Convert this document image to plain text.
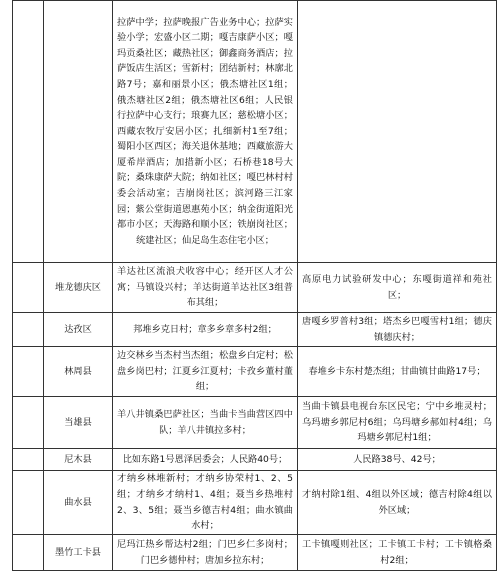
		拉萨中学；拉萨晚报广告业务中心；拉萨实验小学；宏盛小区二期；嘎吉康萨小区；嘎玛贡桑社区；藏热社区；御鑫商务酒店；拉萨饭店生活区；雪新村；团结新村；林廓北路7号；嘉和丽景小区；俄杰塘社区1组；俄杰塘社区2组；俄杰塘社区6组；人民银行拉萨中心支行；琅赛九区；慈松塘小区；西藏农牧厅安居小区；扎细新村1至7组；蜀阳小区西区；海关退休基地；西藏旅游大厦希岸酒店；加措新小区；石桥巷18号大院；桑珠康萨大院；纳如社区；嘎巴林村村委会活动室；吉崩岗社区；滨河路三江家园；紫公堂街道恩惠苑小区；纳金街道阳光都市小区；天海路和顺小区；铁崩岗社区；统建社区；仙足岛生态住宅小区；	

	堆龙德庆区	羊达社区流浪犬收容中心；经开区人才公寓；马镇设兴村；羊达街道羊达社区3组普布其组；	高原电力试验研发中心；东嘎街道祥和苑社区；

	达孜区	邦堆乡克日村；章多乡章多村2组；	唐嘎乡罗普村3组；塔杰乡巴嘎雪村1组；德庆镇德庆村；

	林周县	边交林乡当杰村当杰组；松盘乡白定村；松盘乡岗巴村；江夏乡江夏村；卡孜乡董村董组；	春堆乡卡东村楚杰组；甘曲镇甘曲路17号；

	当雄县	羊八井镇桑巴萨社区；当曲卡当曲营区四中队；羊八井镇拉多村；	当曲卡镇县电视台东区民宅；宁中乡堆灵村；乌玛塘乡郭尼村6组；乌玛塘乡郝如村4组；乌玛塘乡郭尼村1组；

	尼木县	比如东路1号恩泽居委会；人民路40号；	人民路38号、42号；

	曲水县	才纳乡林堆新村；才纳乡协荣村1、2、5组；才纳乡才纳村1、4组；聂当乡热堆村2、3、5组；聂当乡德吉村4组；曲水镇曲水村；	才纳村除1组、4组以外区域；德吉村除4组以外区域；

	墨竹工卡县	尼玛江热乡帮达村2组；门巴乡仁多岗村；门巴乡德仲村；唐加乡拉东村；	工卡镇嘎则社区；工卡镇工卡村；工卡镇格桑村2组；
